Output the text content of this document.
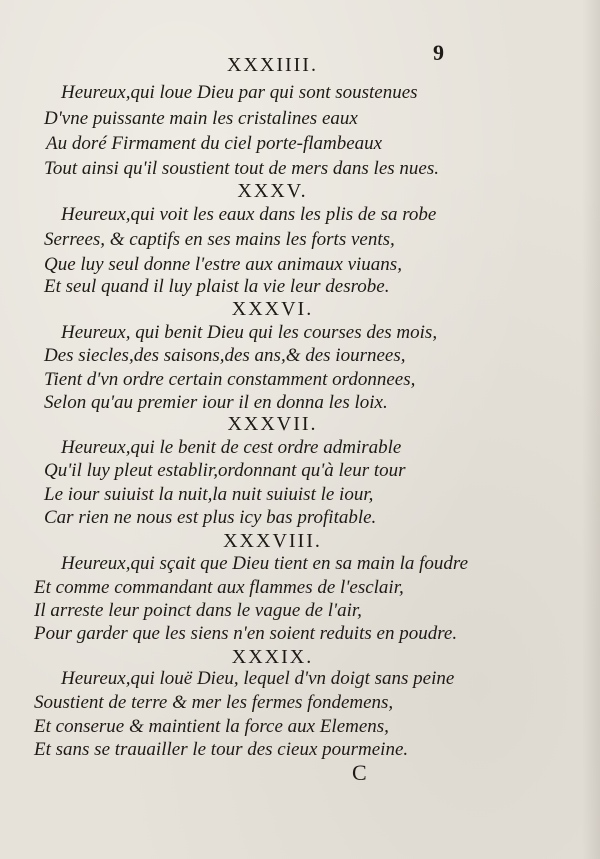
9
XXXIIII.
Heureux,qui loue Dieu par qui sont soustenues
D'vne puissante main les cristalines eaux
Au doré Firmament du ciel porte-flambeaux
Tout ainsi qu'il soustient tout de mers dans les nues.
XXXV.
Heureux,qui voit les eaux dans les plis de sa robe
Serrees, & captifs en ses mains les forts vents,
Que luy seul donne l'estre aux animaux viuans,
Et seul quand il luy plaist la vie leur desrobe.
XXXVI.
Heureux, qui benit Dieu qui les courses des mois,
Des siecles,des saisons,des ans,& des iournees,
Tient d'vn ordre certain constamment ordonnees,
Selon qu'au premier iour il en donna les loix.
XXXVII.
Heureux,qui le benit de cest ordre admirable
Qu'il luy pleut establir,ordonnant qu'à leur tour
Le iour suiuist la nuit,la nuit suiuist le iour,
Car rien ne nous est plus icy bas profitable.
XXXVIII.
Heureux,qui sçait que Dieu tient en sa main la foudre
Et comme commandant aux flammes de l'esclair,
Il arreste leur poinct dans le vague de l'air,
Pour garder que les siens n'en soient reduits en poudre.
XXXIX.
Heureux,qui louë Dieu, lequel d'vn doigt sans peine
Soustient de terre & mer les fermes fondemens,
Et conserue & maintient la force aux Elemens,
Et sans se trauailler le tour des cieux pourmeine.
C
